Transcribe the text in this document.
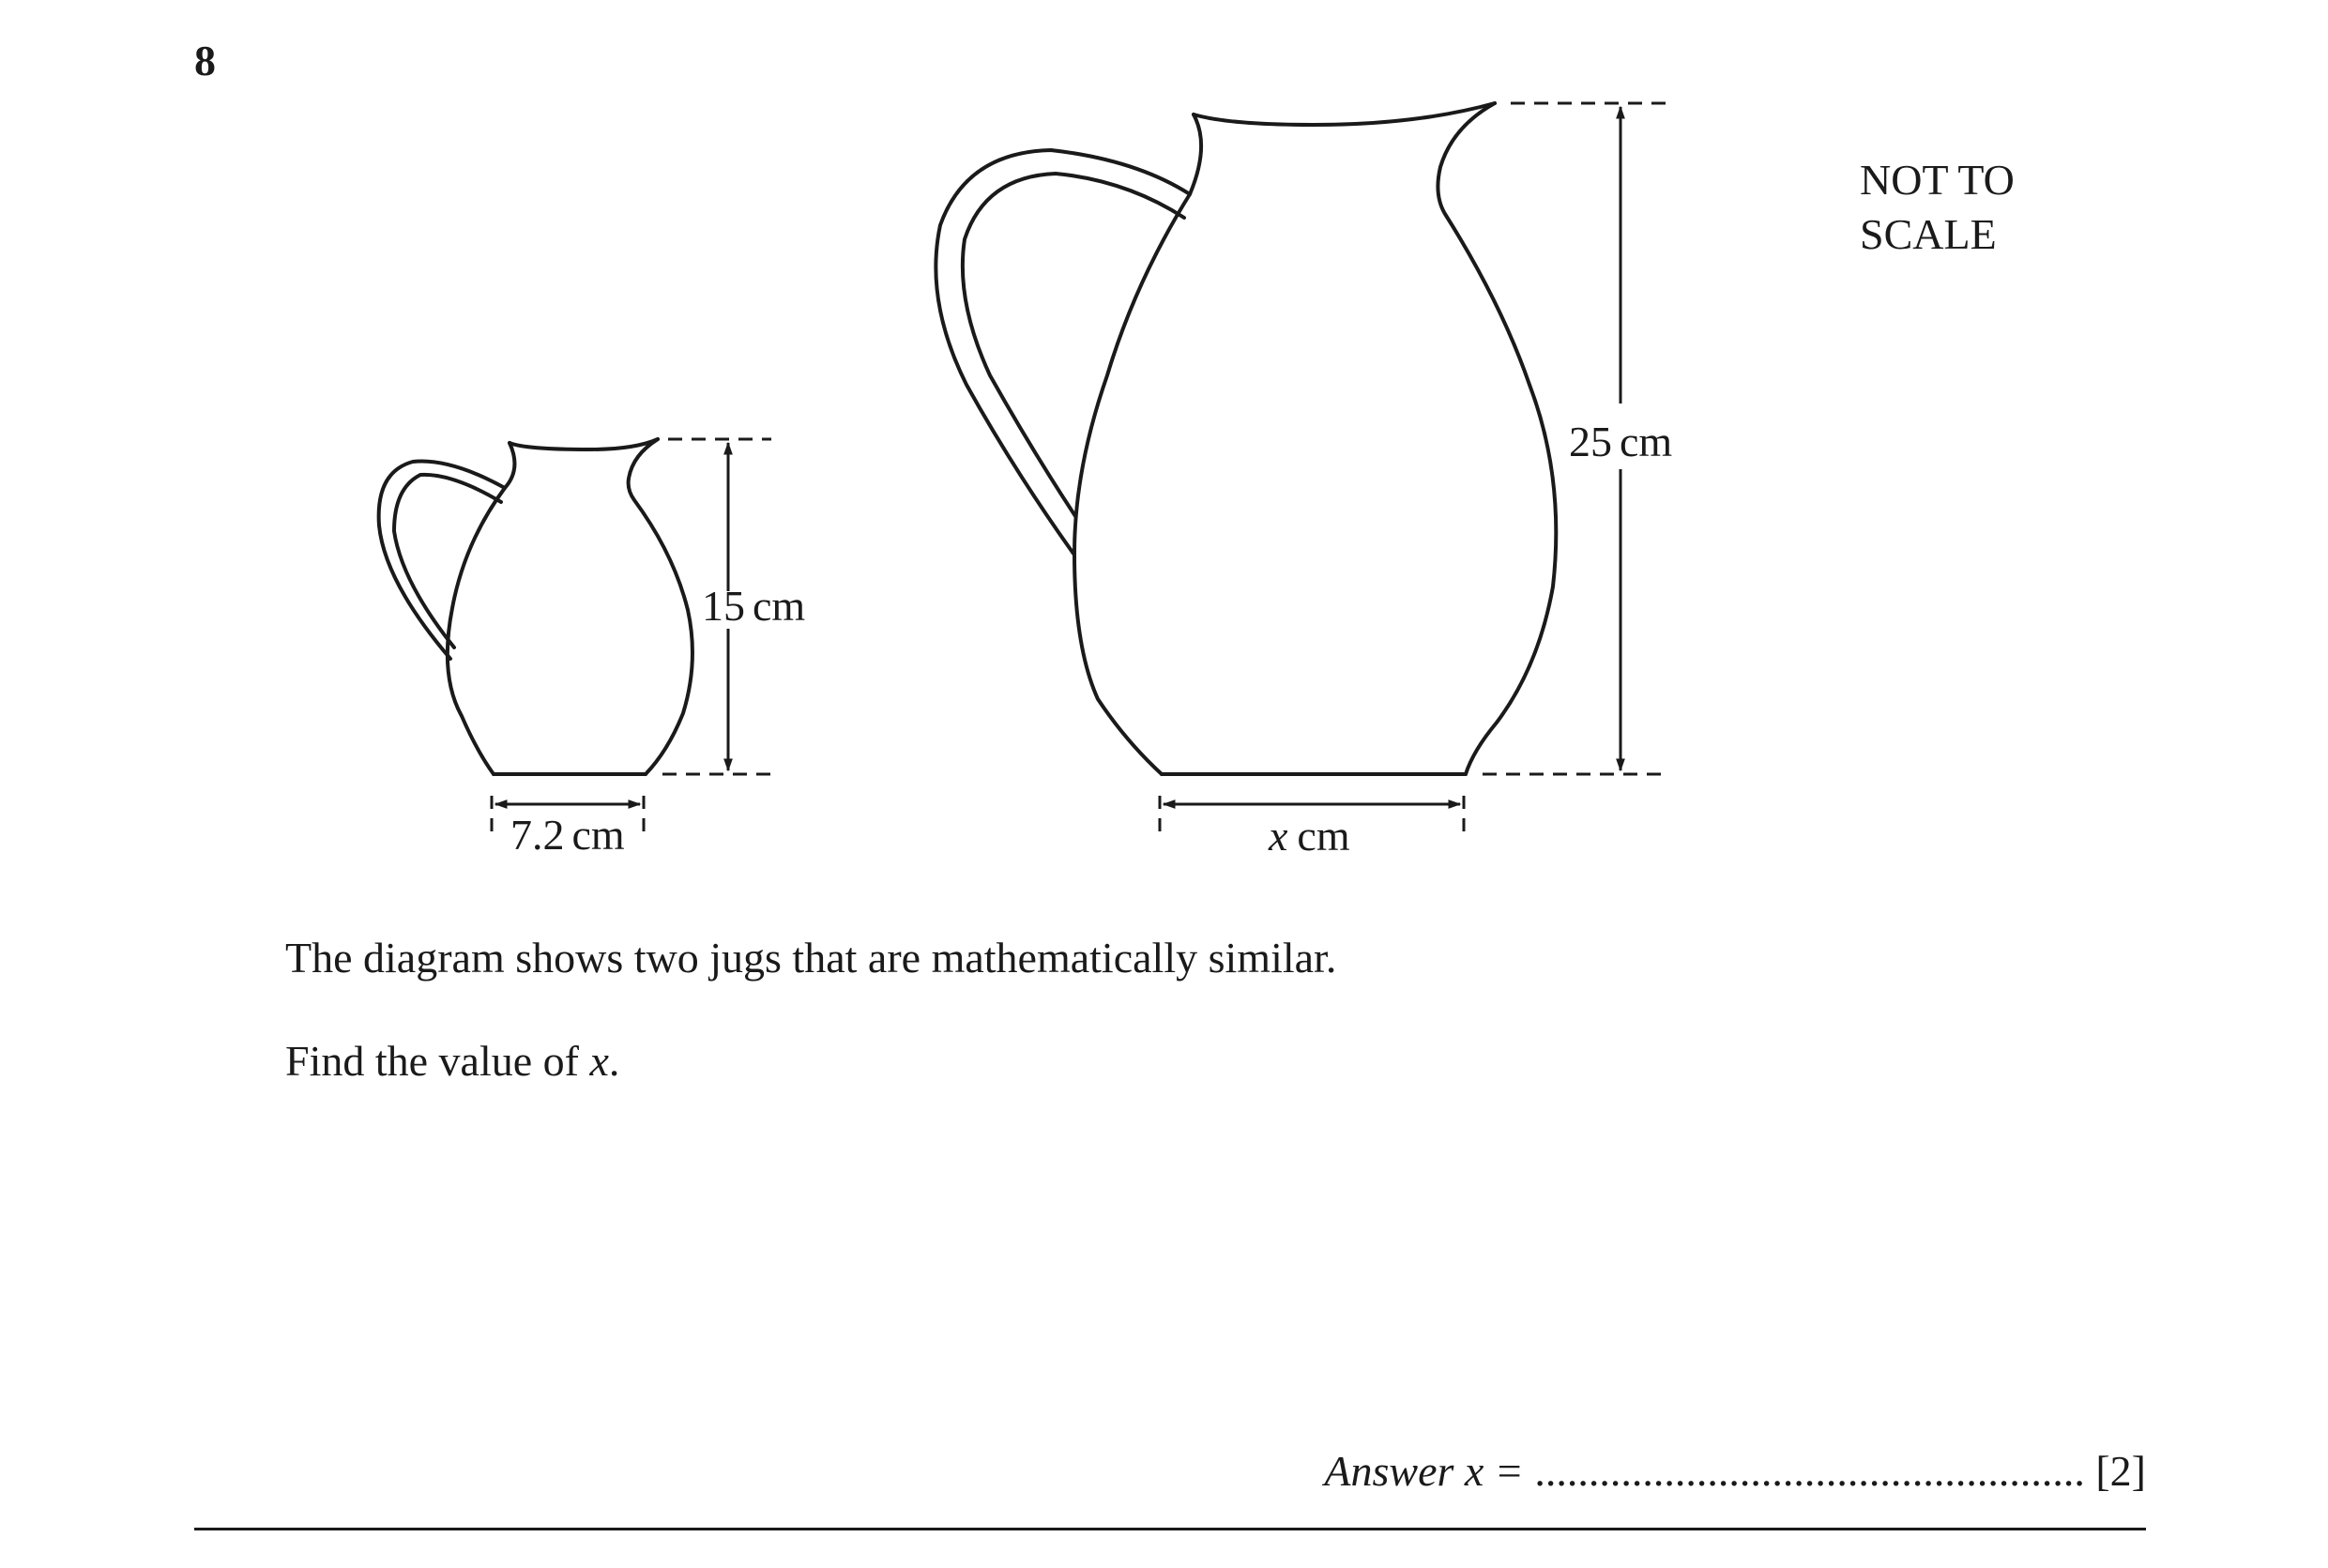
8
15 cm
7.2 cm
25 cm
x cm
NOT TO
SCALE
The diagram shows two jugs that are mathematically similar.
Find the value of x.
Answer x = ................................................... [2]
